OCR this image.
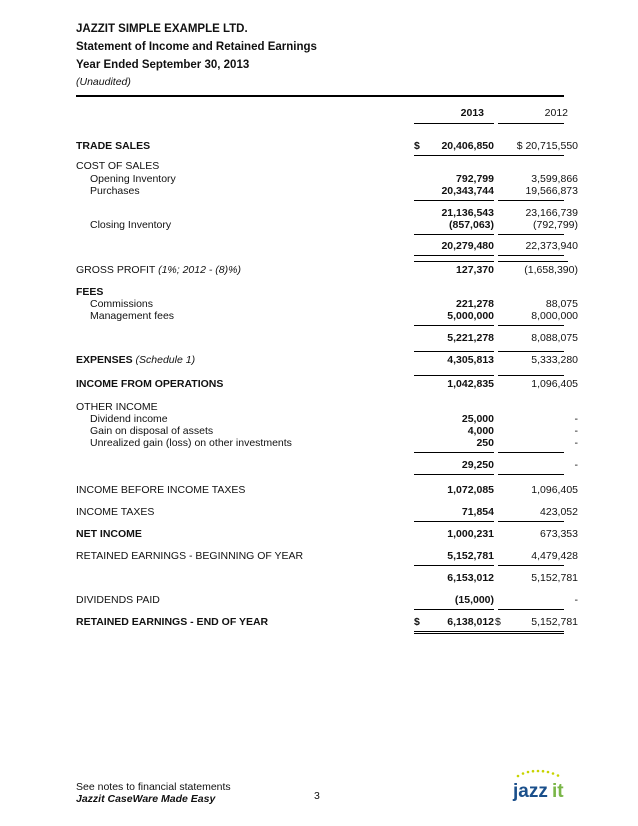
JAZZIT SIMPLE EXAMPLE LTD.
Statement of Income and Retained Earnings
Year Ended September 30, 2013
(Unaudited)
2013	2012
TRADE SALES	$	20,406,850	$ 20,715,550
COST OF SALES
Opening Inventory	792,799	3,599,866
Purchases	20,343,744	19,566,873
21,136,543	23,166,739
Closing Inventory	(857,063)	(792,799)
20,279,480	22,373,940
GROSS PROFIT (1%; 2012 - (8)%)	127,370	(1,658,390)
FEES
Commissions	221,278	88,075
Management fees	5,000,000	8,000,000
5,221,278	8,088,075
EXPENSES (Schedule 1)	4,305,813	5,333,280
INCOME FROM OPERATIONS	1,042,835	1,096,405
OTHER INCOME
Dividend income	25,000	-
Gain on disposal of assets	4,000	-
Unrealized gain (loss) on other investments	250	-
29,250	-
INCOME BEFORE INCOME TAXES	1,072,085	1,096,405
INCOME TAXES	71,854	423,052
NET INCOME	1,000,231	673,353
RETAINED EARNINGS - BEGINNING OF YEAR	5,152,781	4,479,428
6,153,012	5,152,781
DIVIDENDS PAID	(15,000)	-
RETAINED EARNINGS - END OF YEAR	$	6,138,012 $	5,152,781
See notes to financial statements
Jazzit CaseWare Made Easy	3	jazz it
